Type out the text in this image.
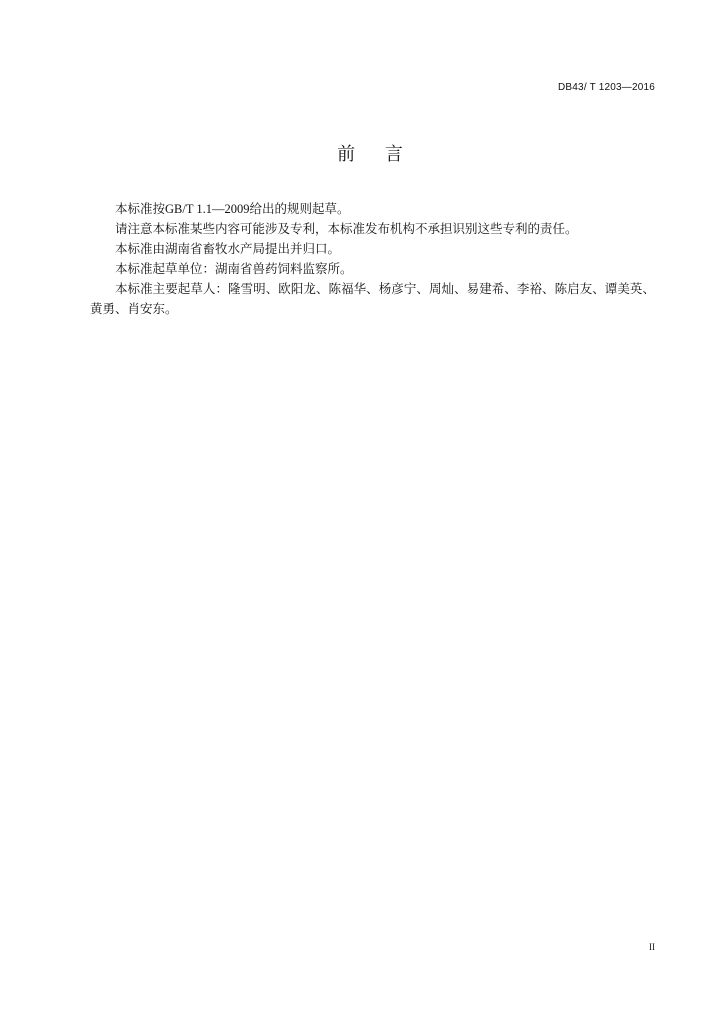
DB43/ T 1203—2016
前 言

本标准按GB/T 1.1—2009给出的规则起草。

请注意本标准某些内容可能涉及专利，本标准发布机构不承担识别这些专利的责任。

本标准由湖南省畜牧水产局提出并归口。

本标准起草单位：湖南省兽药饲料监察所。

本标准主要起草人：隆雪明、欧阳龙、陈福华、杨彦宁、周灿、易建希、李裕、陈启友、谭美英、黄勇、肖安东。

II
